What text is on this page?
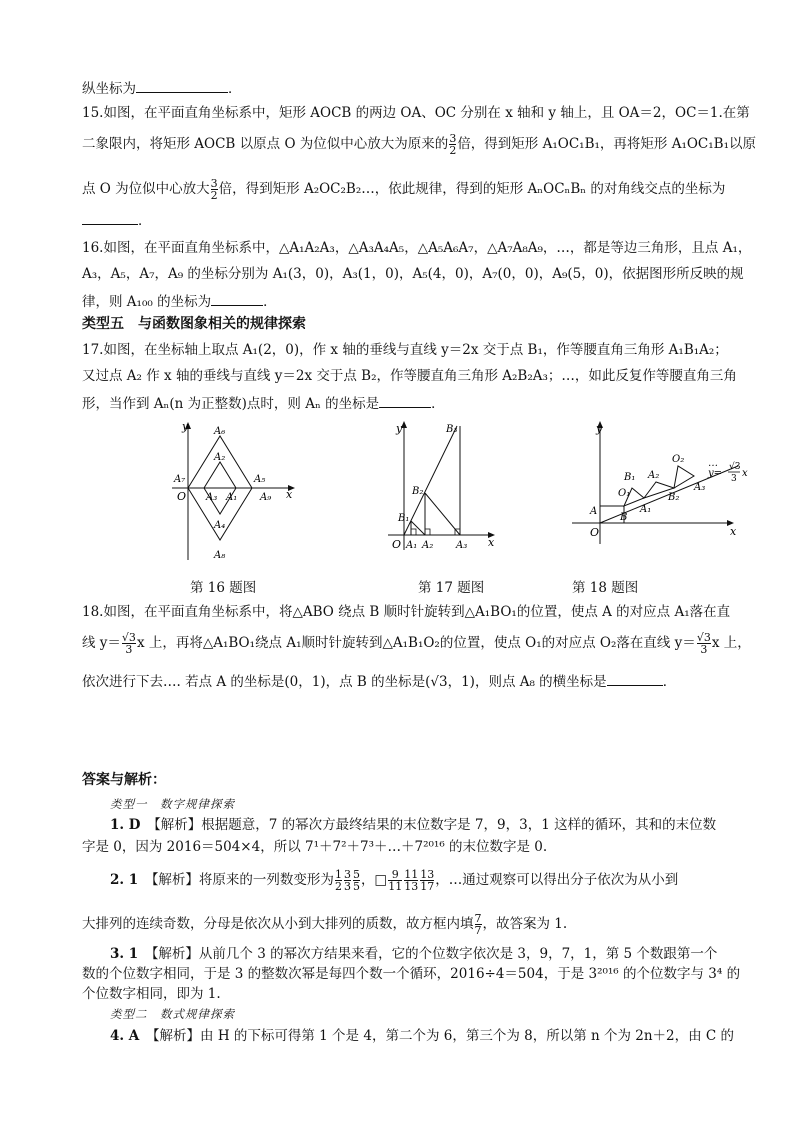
纵坐标为	．
15.如图，在平面直角坐标系中，矩形 AOCB 的两边 OA、OC 分别在 x 轴和 y 轴上，且 OA＝2，OC＝1.在第
二象限内，将矩形 AOCB 以原点 O 为位似中心放大为原来的 $\frac{3}{2}$ 倍，得到矩形 A₁OC₁B₁，再将矩形 A₁OC₁B₁以原
点 O 为位似中心放大 $\frac{3}{2}$ 倍，得到矩形 A₂OC₂B₂…，依此规律，得到的矩形 AₙOCₙBₙ 的对角线交点的坐标为
．
16.如图，在平面直角坐标系中，△A₁A₂A₃，△A₃A₄A₅，△A₅A₆A₇，△A₇A₈A₉，…，都是等边三角形，且点 A₁，
A₃，A₅，A₇，A₉ 的坐标分别为 A₁(3，0)，A₃(1，0)，A₅(4，0)，A₇(0，0)，A₉(5，0)，依据图形所反映的规
律，则 A₁₀₀ 的坐标为	．
类型五　与函数图象相关的规律探索
17.如图，在坐标轴上取点 A₁(2，0)，作 x 轴的垂线与直线 y＝2x 交于点 B₁，作等腰直角三角形 A₁B₁A₂；
又过点 A₂ 作 x 轴的垂线与直线 y＝2x 交于点 B₂，作等腰直角三角形 A₂B₂A₃；…，如此反复作等腰直角三角
形，当作到 Aₙ(n 为正整数)点时，则 Aₙ 的坐标是	．
y
x
O	A₁
A₂
A₃
A₄
A₅
A₆
A₇
A₈
A₉
第 16 题图
y
x
O A₁ A₂ A₃
B₁
B₂
B₃
第 17 题图
…
y
x
O
A
B
A₁
B₁
O₁
A₂
B₂
O₂
A₃
y=
√3
3 x
第 18 题图
18.如图，在平面直角坐标系中，将△ABO 绕点 B 顺时针旋转到△A₁BO₁的位置，使点 A 的对应点 A₁落在直
线 $y= \frac{√3}{3}$ x 上，再将△A₁BO₁绕点 A₁顺时针旋转到△A₁B₁O₂的位置，使点 O₁的对应点 O₂落在直线 $y= \frac{√3}{3}$ x 上，
依次进行下去…. 若点 A 的坐标是(0，1)，点 B 的坐标是(√3，1)，则点 A₈ 的横坐标是	．
答案与解析：
类型一　数字规律探索
1. D　 【解析】根据题意，7 的幂次方最终结果的末位数字是 7，9，3，1 这样的循环，其和的末位数
字是 0，因为 2016＝504×4，所以 7¹＋7²＋7³＋…＋7²⁰¹⁶ 的末位数字是 0.
2. 1　 【解析】将原来的一列数变形为 $\frac{1}{2} \frac{3}{3} \frac{5}{5}$ ，□ $\frac{9}{11} \frac{11}{13} \frac{13}{17}$ ，…通过观察可以得出分子依次为从小到
大排列的连续奇数，分母是依次从小到大排列的质数，故方框内填 $\frac{7}{7}$ ，故答案为 1.
3. 1　 【解析】从前几个 3 的幂次方结果来看，它的个位数字依次是 3，9，7，1，第 5 个数跟第一个
数的个位数字相同，于是 3 的整数次幂是每四个数一个循环，2016÷4＝504，于是 3²⁰¹⁶ 的个位数字与 3⁴ 的
个位数字相同，即为 1.
类型二　数式规律探索
4. A　 【解析】由 H 的下标可得第 1 个是 4，第二个为 6，第三个为 8，所以第 n 个为 2n＋2，由 C 的
